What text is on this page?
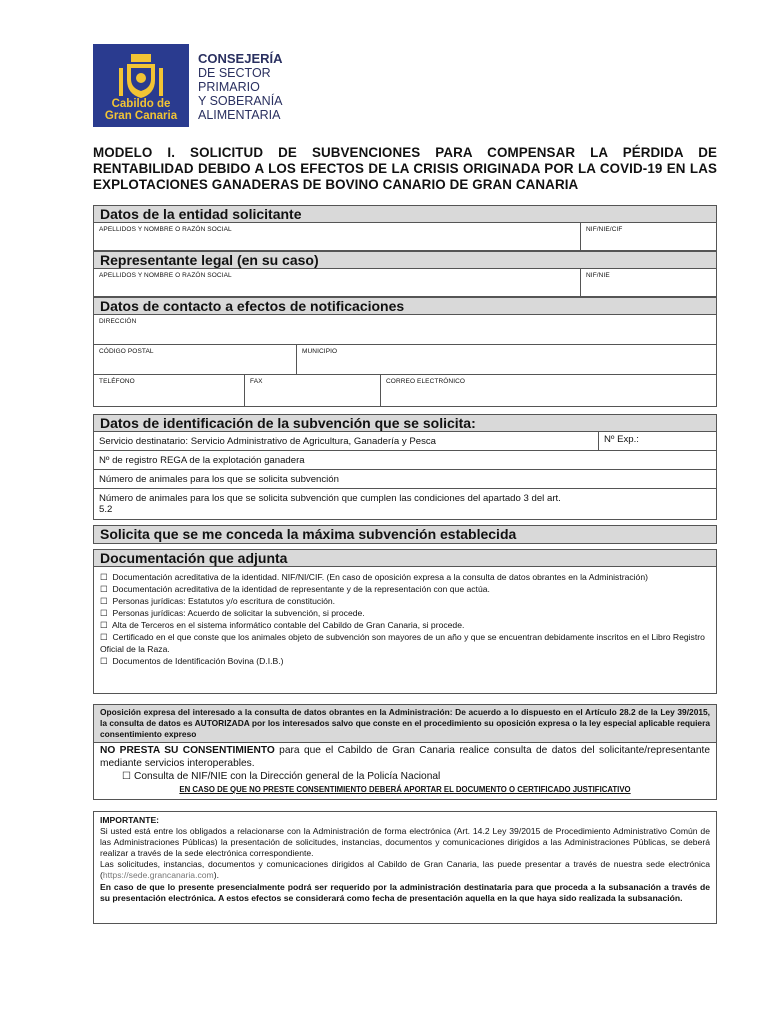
Cabildo de
Gran Canaria
CONSEJERÍA
DE SECTOR
PRIMARIO
Y SOBERANÍA
ALIMENTARIA
MODELO I. SOLICITUD DE SUBVENCIONES PARA COMPENSAR LA PÉRDIDA DE RENTABILIDAD DEBIDO A LOS EFECTOS DE LA CRISIS ORIGINADA POR LA COVID-19 EN LAS EXPLOTACIONES GANADERAS DE BOVINO CANARIO DE GRAN CANARIA
Datos de la entidad solicitante
APELLIDOS Y NOMBRE O RAZÓN SOCIAL	NIF/NIE/CIF
Representante legal (en su caso)
APELLIDOS Y NOMBRE O RAZÓN SOCIAL	NIF/NIE
Datos de contacto a efectos de notificaciones
DIRECCIÓN
CÓDIGO POSTAL	MUNICIPIO
TELÉFONO	FAX	CORREO ELECTRÓNICO
Datos de identificación de la subvención que se solicita:
Servicio destinatario: Servicio Administrativo de Agricultura, Ganadería y Pesca	Nº Exp.:
Nº de registro REGA de la explotación ganadera
Número de animales para los que se solicita subvención
Número de animales para los que se solicita subvención que cumplen las condiciones del apartado 3 del art. 5.2
Solicita que se me conceda la máxima subvención establecida
Documentación que adjunta
☐  Documentación acreditativa de la identidad. NIF/NI/CIF. (En caso de oposición expresa a la consulta de datos obrantes en la Administración)
☐  Documentación acreditativa de la identidad de representante y de la representación con que actúa.
☐  Personas jurídicas: Estatutos y/o escritura de constitución.
☐  Personas jurídicas: Acuerdo de solicitar la subvención, si procede.
☐  Alta de Terceros en el sistema informático contable del Cabildo de Gran Canaria, si procede.
☐  Certificado en el que conste que los animales objeto de subvención son mayores de un año y que se encuentran debidamente inscritos en el Libro Registro Oficial de la Raza.
☐  Documentos de Identificación Bovina (D.I.B.)
Oposición expresa del interesado a la consulta de datos obrantes en la Administración: De acuerdo a lo dispuesto en el Artículo 28.2 de la Ley 39/2015, la consulta de datos es AUTORIZADA por los interesados salvo que conste en el procedimiento su oposición expresa o la ley especial aplicable requiera consentimiento expreso
NO PRESTA SU CONSENTIMIENTO para que el Cabildo de Gran Canaria realice consulta de datos del solicitante/representante mediante servicios interoperables.
☐ Consulta de NIF/NIE con la Dirección general de la Policía Nacional
EN CASO DE QUE NO PRESTE CONSENTIMIENTO DEBERÁ APORTAR EL DOCUMENTO O CERTIFICADO JUSTIFICATIVO
IMPORTANTE:
Si usted está entre los obligados a relacionarse con la Administración de forma electrónica (Art. 14.2 Ley 39/2015 de Procedimiento Administrativo Común de las Administraciones Públicas) la presentación de solicitudes, instancias, documentos y comunicaciones dirigidos a las Administraciones Públicas, se deberá realizar a través de la sede electrónica correspondiente.
Las solicitudes, instancias, documentos y comunicaciones dirigidos al Cabildo de Gran Canaria, las puede presentar a través de nuestra sede electrónica (https://sede.grancanaria.com).
En caso de que lo presente presencialmente podrá ser requerido por la administración destinataria para que proceda a la subsanación a través de su presentación electrónica. A estos efectos se considerará como fecha de presentación aquella en la que haya sido realizada la subsanación.
